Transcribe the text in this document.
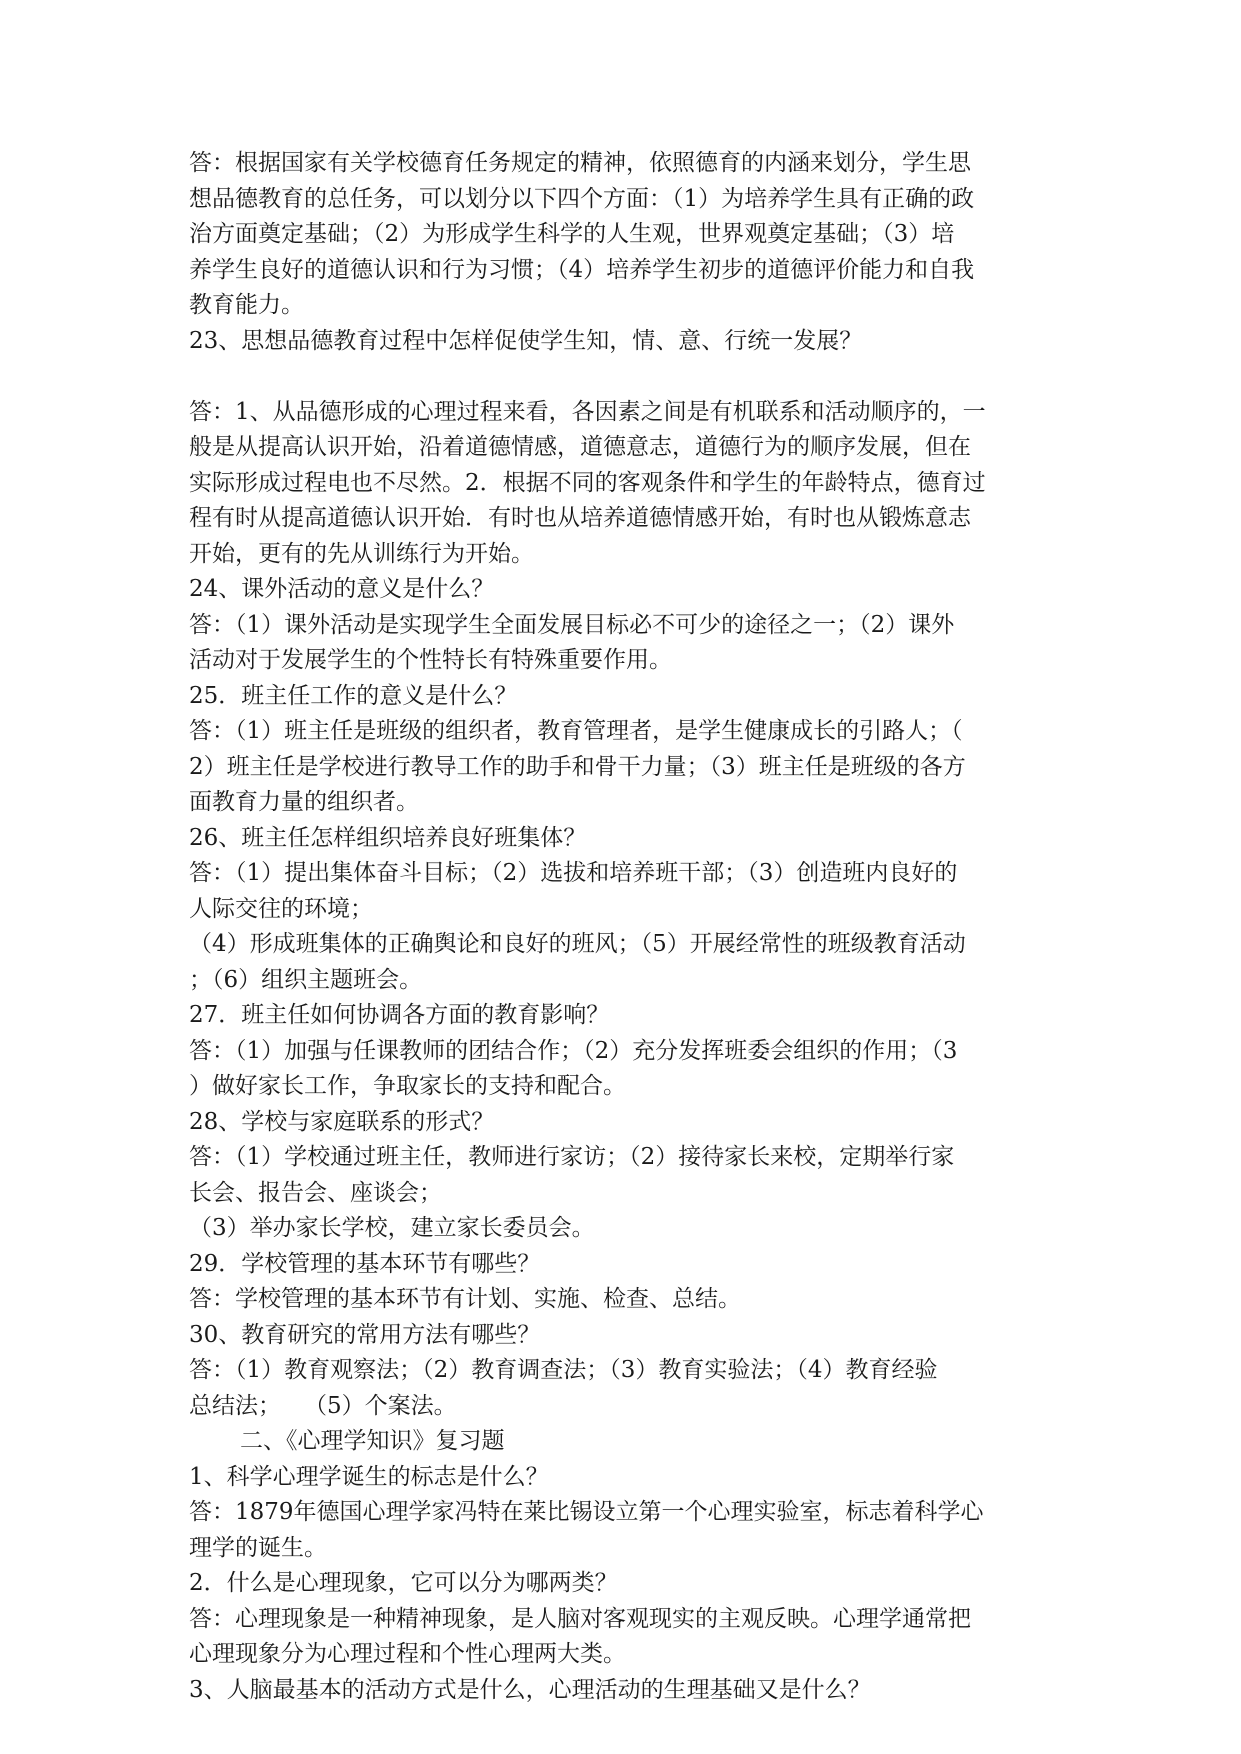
答：根据国家有关学校德育任务规定的精神，依照德育的内涵来划分，学生思
想品德教育的总任务，可以划分以下四个方面：（1）为培养学生具有正确的政
治方面奠定基础；（2）为形成学生科学的人生观，世界观奠定基础；（3）培
养学生良好的道德认识和行为习惯；（4）培养学生初步的道德评价能力和自我
教育能力。
23、思想品德教育过程中怎样促使学生知，情、意、行统一发展？
答：1、从品德形成的心理过程来看，各因素之间是有机联系和活动顺序的，一
般是从提高认识开始，沿着道德情感，道德意志，道德行为的顺序发展，但在
实际形成过程电也不尽然。2．根据不同的客观条件和学生的年龄特点，德育过
程有时从提高道德认识开始．有时也从培养道德情感开始，有时也从锻炼意志
开始，更有的先从训练行为开始。
24、课外活动的意义是什么？
答：（1）课外活动是实现学生全面发展目标必不可少的途径之一；（2）课外
活动对于发展学生的个性特长有特殊重要作用。
25．班主任工作的意义是什么？
答：（1）班主任是班级的组织者，教育管理者，是学生健康成长的引路人；（
2）班主任是学校进行教导工作的助手和骨干力量；（3）班主任是班级的各方
面教育力量的组织者。
26、班主任怎样组织培养良好班集体？
答：（1）提出集体奋斗目标；（2）选拔和培养班干部；（3）创造班内良好的
人际交往的环境；
（4）形成班集体的正确舆论和良好的班风；（5）开展经常性的班级教育活动
；（6）组织主题班会。
27．班主任如何协调各方面的教育影响？
答：（1）加强与任课教师的团结合作；（2）充分发挥班委会组织的作用；（3
）做好家长工作，争取家长的支持和配合。
28、学校与家庭联系的形式？
答：（1）学校通过班主任，教师进行家访；（2）接待家长来校，定期举行家
长会、报告会、座谈会；
（3）举办家长学校，建立家长委员会。
29．学校管理的基本环节有哪些？
答：学校管理的基本环节有计划、实施、检查、总结。
30、教育研究的常用方法有哪些？
答：（1）教育观察法；（2）教育调查法；（3）教育实验法；（4）教育经验
总结法；　　（5）个案法。
二、《心理学知识》复习题
1、科学心理学诞生的标志是什么？
答：1879年德国心理学家冯特在莱比锡设立第一个心理实验室，标志着科学心
理学的诞生。
2．什么是心理现象，它可以分为哪两类？
答：心理现象是一种精神现象，是人脑对客观现实的主观反映。心理学通常把
心理现象分为心理过程和个性心理两大类。
3、人脑最基本的活动方式是什么，心理活动的生理基础又是什么？
